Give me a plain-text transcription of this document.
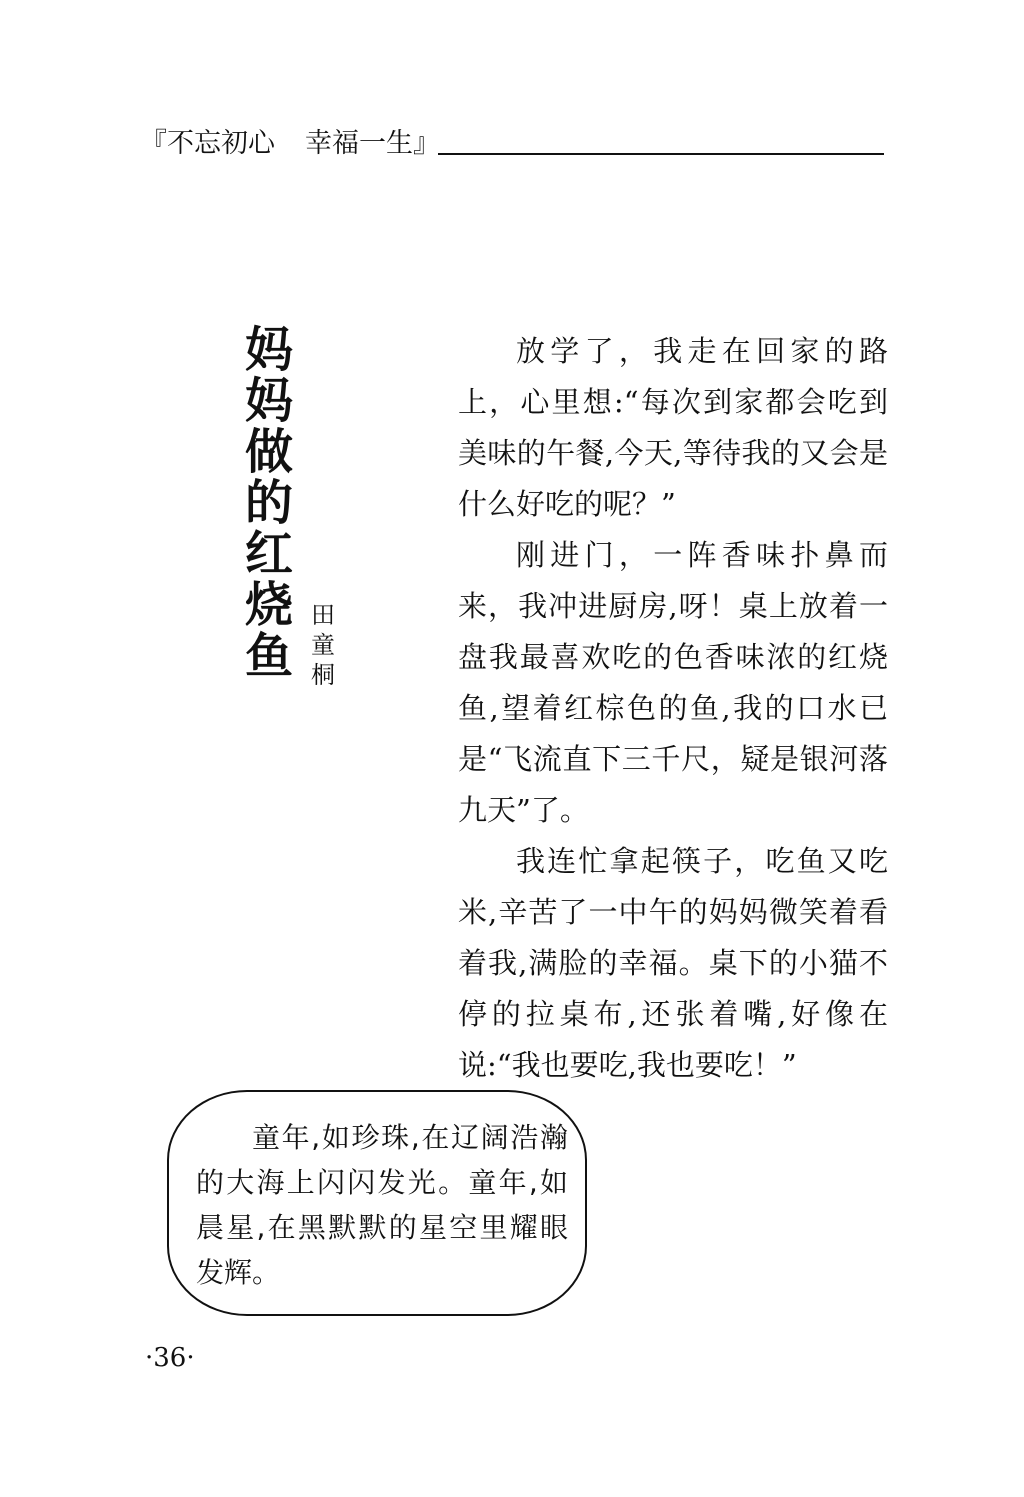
『不忘初心 幸福一生』
妈
妈
做
的
红
烧
鱼
田
童
桐

放学了，我走在回家的路上，心里想:“每次到家都会吃到美味的午餐,今天,等待我的又会是什么好吃的呢？”

刚进门，一阵香味扑鼻而来，我冲进厨房,呀！桌上放着一盘我最喜欢吃的色香味浓的红烧鱼,望着红棕色的鱼,我的口水已是“飞流直下三千尺，疑是银河落九天”了。

我连忙拿起筷子，吃鱼又吃米,辛苦了一中午的妈妈微笑着看着我,满脸的幸福。桌下的小猫不停的拉桌布,还张着嘴,好像在说:“我也要吃,我也要吃！”

童年,如珍珠,在辽阔浩瀚的大海上闪闪发光。童年,如晨星,在黑默默的星空里耀眼发辉。
·36·
